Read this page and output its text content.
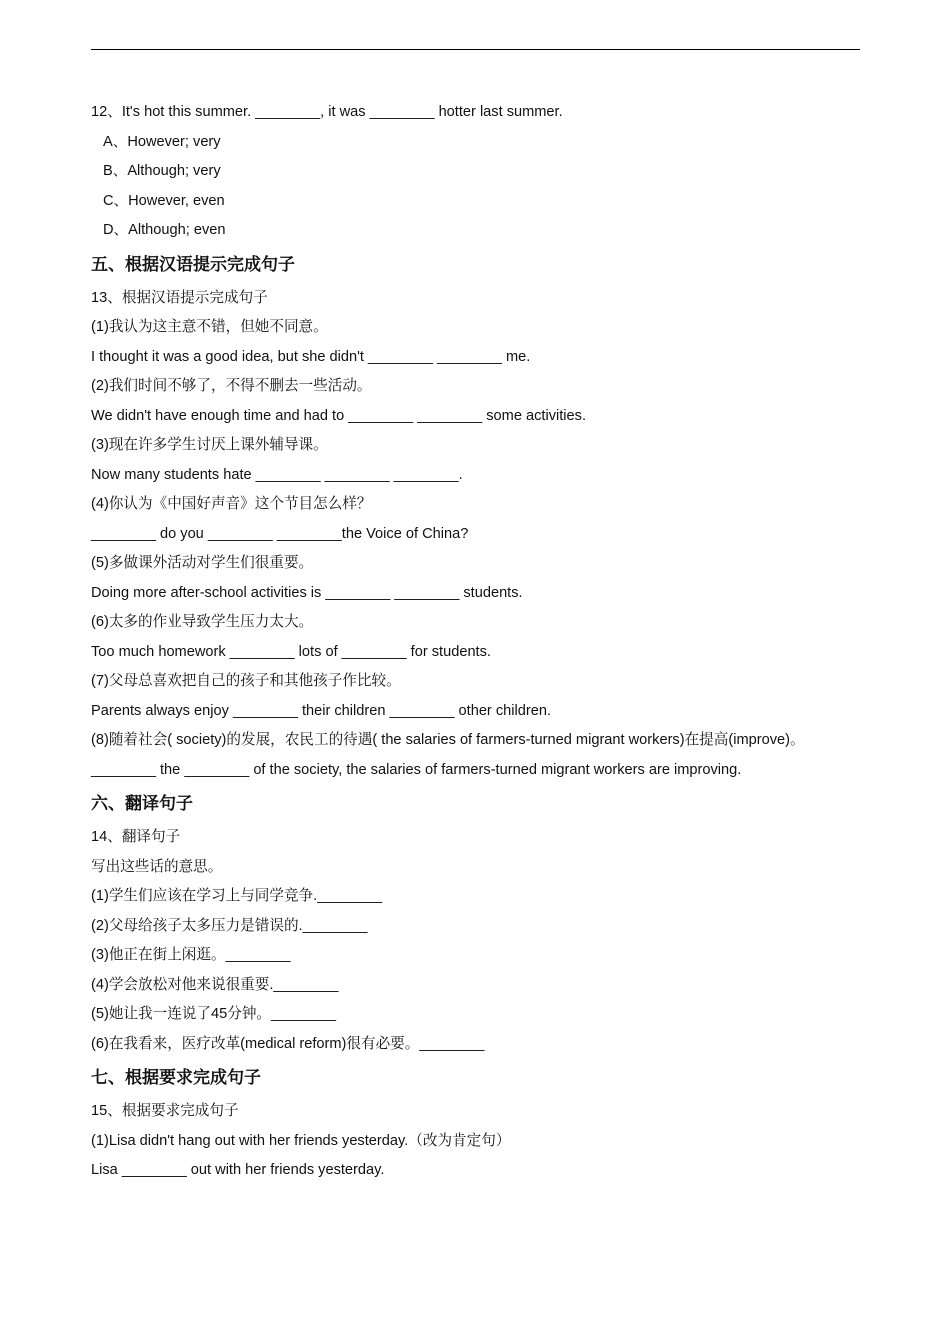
12、It's hot this summer. ________, it was ________ hotter last summer.
A、However; very
B、Although; very
C、However, even
D、Although; even
五、根据汉语提示完成句子
13、根据汉语提示完成句子
(1)我认为这主意不错，但她不同意。
I thought it was a good idea, but she didn't ________ ________ me.
(2)我们时间不够了，不得不删去一些活动。
We didn't have enough time and had to ________ ________ some activities.
(3)现在许多学生讨厌上课外辅导课。
Now many students hate ________ ________ ________.
(4)你认为《中国好声音》这个节目怎么样？
________ do you ________ ________the Voice of China?
(5)多做课外活动对学生们很重要。
Doing more after-school activities is ________ ________ students.
(6)太多的作业导致学生压力太大。
Too much homework ________ lots of ________ for students.
(7)父母总喜欢把自己的孩子和其他孩子作比较。
Parents always enjoy ________ their children ________ other children.
(8)随着社会( society)的发展，农民工的待遇( the salaries of farmers-turned migrant workers)在提高(improve)。
________ the ________ of the society, the salaries of farmers-turned migrant workers are improving.
六、翻译句子
14、翻译句子
写出这些话的意思。
(1)学生们应该在学习上与同学竞争.________
(2)父母给孩子太多压力是错误的.________
(3)他正在街上闲逛。________
(4)学会放松对他来说很重要.________
(5)她让我一连说了45分钟。________
(6)在我看来，医疗改革(medical reform)很有必要。________
七、根据要求完成句子
15、根据要求完成句子
(1)Lisa didn't hang out with her friends yesterday.（改为肯定句）
Lisa ________ out with her friends yesterday.
